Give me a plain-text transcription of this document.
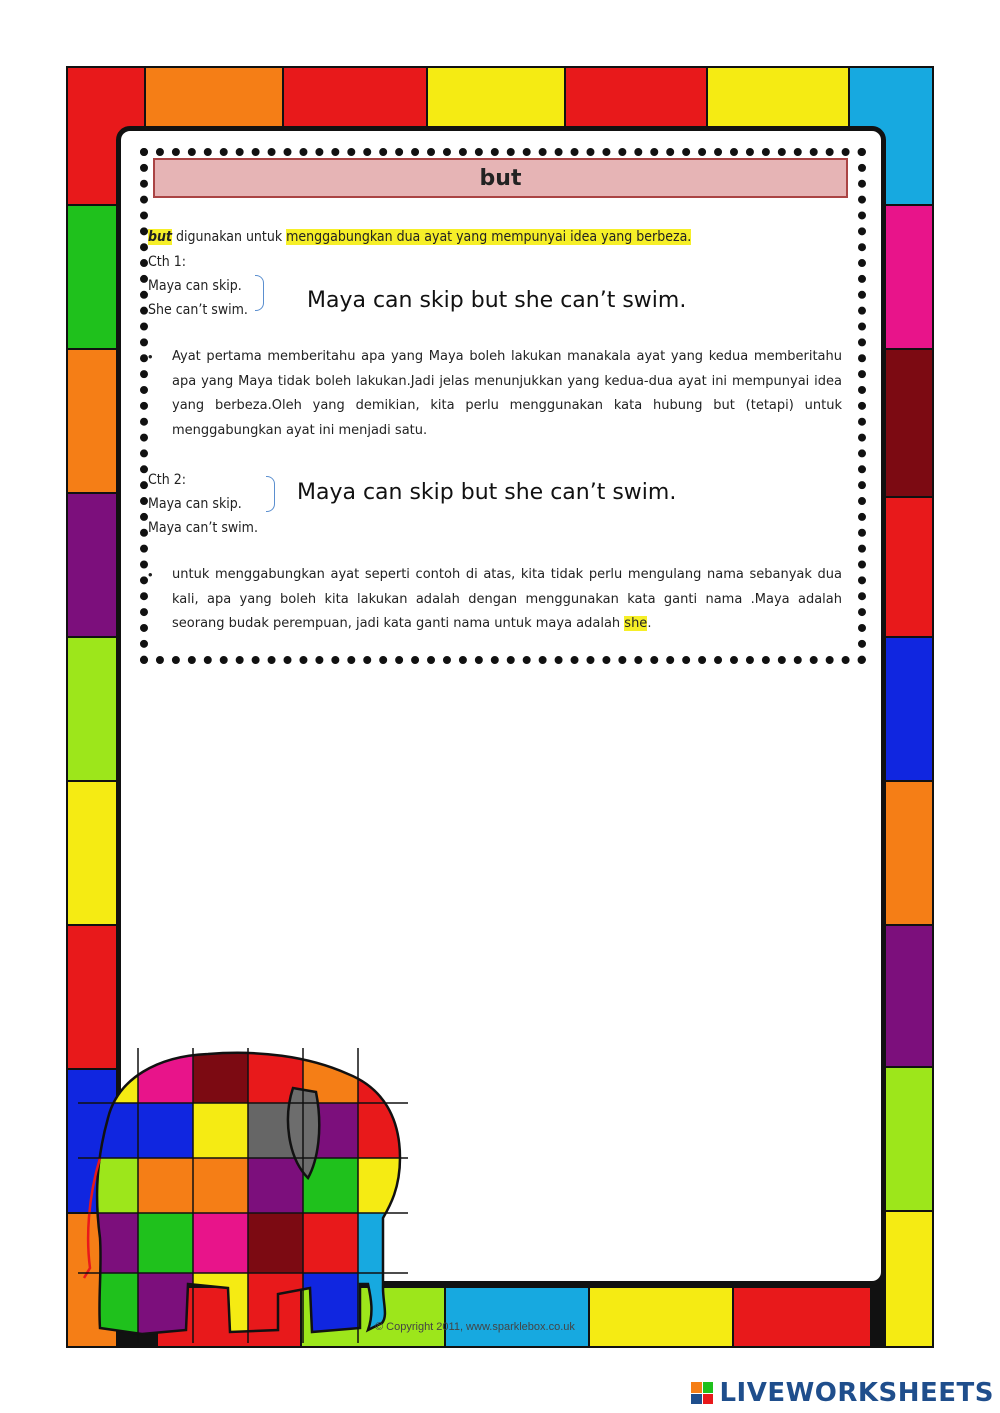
but
but digunakan untuk menggabungkan dua ayat yang mempunyai idea yang berbeza.
Cth 1:
Maya can skip.
She can’t swim.	Maya can skip but she can’t swim.
• Ayat pertama memberitahu apa yang Maya boleh lakukan manakala ayat yang kedua memberitahu apa yang Maya tidak boleh lakukan.Jadi jelas menunjukkan yang kedua-dua ayat ini mempunyai idea yang berbeza.Oleh yang demikian, kita perlu menggunakan kata hubung but (tetapi) untuk menggabungkan ayat ini menjadi satu.
Cth 2:
Maya can skip.
Maya can’t swim.
Maya can skip but she can’t swim.
• untuk menggabungkan ayat seperti contoh di atas, kita tidak perlu mengulang nama sebanyak dua kali, apa yang boleh kita lakukan adalah dengan menggunakan kata ganti nama .Maya adalah seorang budak perempuan, jadi kata ganti nama untuk maya adalah she.
© Copyright 2011, www.sparklebox.co.uk
LIVEWORKSHEETS
